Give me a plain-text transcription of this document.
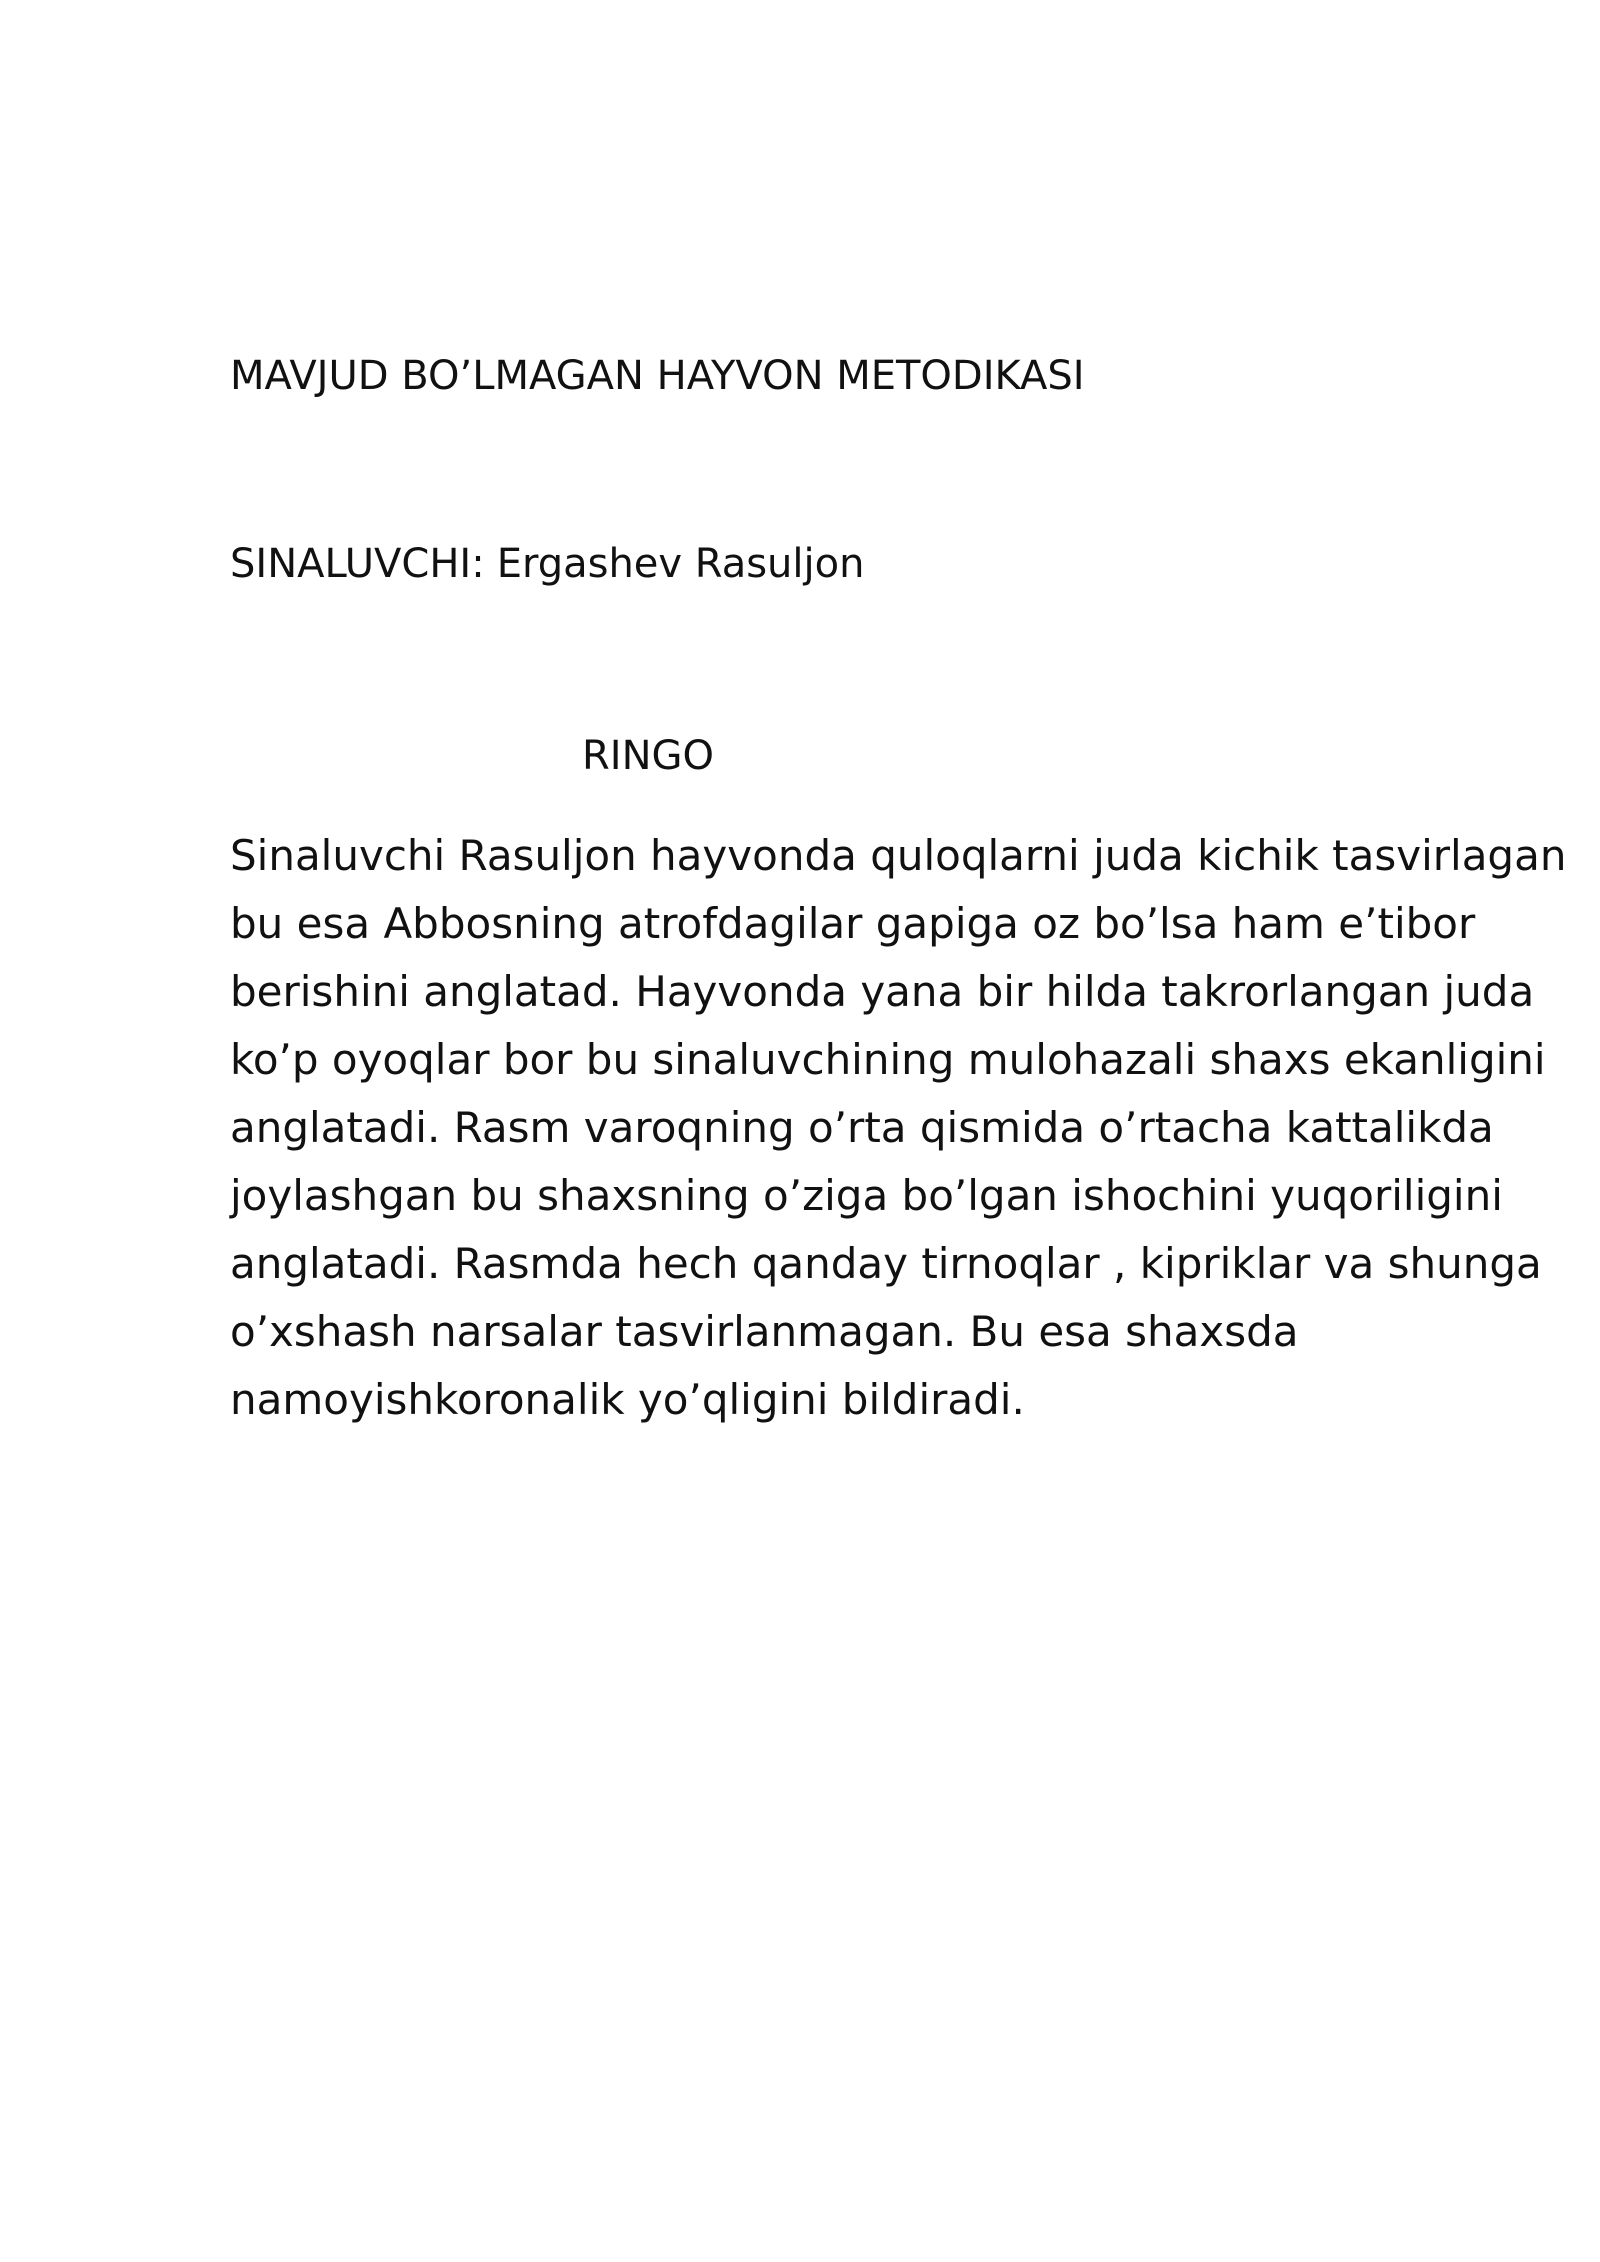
MAVJUD BO’LMAGAN HAYVON METODIKASI
SINALUVCHI: Ergashev Rasuljon
RINGO
Sinaluvchi Rasuljon hayvonda quloqlarni juda kichik tasvirlagan
bu esa Abbosning atrofdagilar gapiga oz bo’lsa ham e’tibor
berishini anglatad. Hayvonda yana bir hilda takrorlangan juda
ko’p oyoqlar bor bu sinaluvchining mulohazali shaxs ekanligini
anglatadi. Rasm varoqning o’rta qismida o’rtacha kattalikda
joylashgan bu shaxsning o’ziga bo’lgan ishochini yuqoriligini
anglatadi. Rasmda hech qanday tirnoqlar , kipriklar va shunga
o’xshash narsalar tasvirlanmagan. Bu esa shaxsda
namoyishkoronalik yo’qligini bildiradi.
